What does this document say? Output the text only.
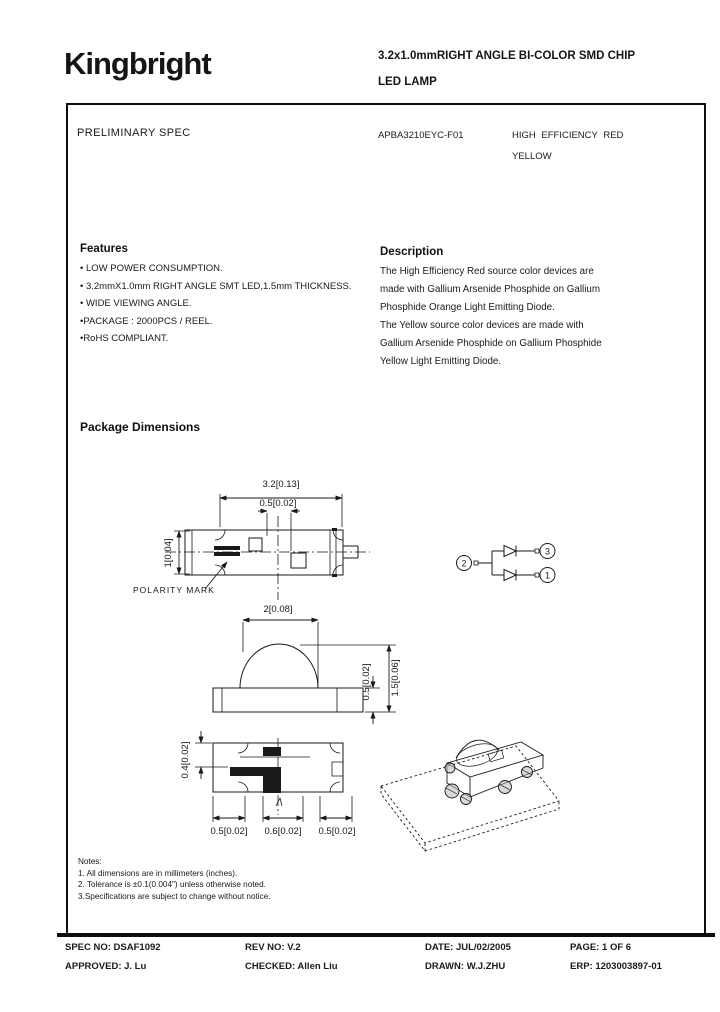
Kingbright	3.2x1.0mmRIGHT ANGLE BI-COLOR SMD CHIP
LED LAMP
PRELIMINARY SPEC	APBA3210EYC-F01	HIGH EFFICIENCY RED
YELLOW
Features
• LOW POWER CONSUMPTION.
• 3.2mmX1.0mm RIGHT ANGLE SMT LED,1.5mm THICKNESS.
• WIDE VIEWING ANGLE.
•PACKAGE : 2000PCS / REEL.
•RoHS COMPLIANT.
Description
The High Efficiency Red source color devices are
made with Gallium Arsenide Phosphide on Gallium
Phosphide Orange Light Emitting Diode.
The Yellow source color devices are made with
Gallium Arsenide Phosphide on Gallium Phosphide
Yellow Light Emitting Diode.
Package Dimensions
3.2[0.13]
0.5[0.02]
1[0.04]
POLARITY MARK
2[0.08]
0.5[0.02] 1.5[0.06]
0.4[0.02]
0.5[0.02] 0.6[0.02] 0.5[0.02]
2
3
1
Notes:
1. All dimensions are in millimeters (inches).
2. Tolerance is ±0.1(0.004") unless otherwise noted.
3.Specifications are subject to change without notice.
SPEC NO: DSAF1092	REV NO: V.2	DATE: JUL/02/2005	PAGE: 1 OF 6
APPROVED: J. Lu	CHECKED: Allen Liu	DRAWN: W.J.ZHU	ERP: 1203003897-01
